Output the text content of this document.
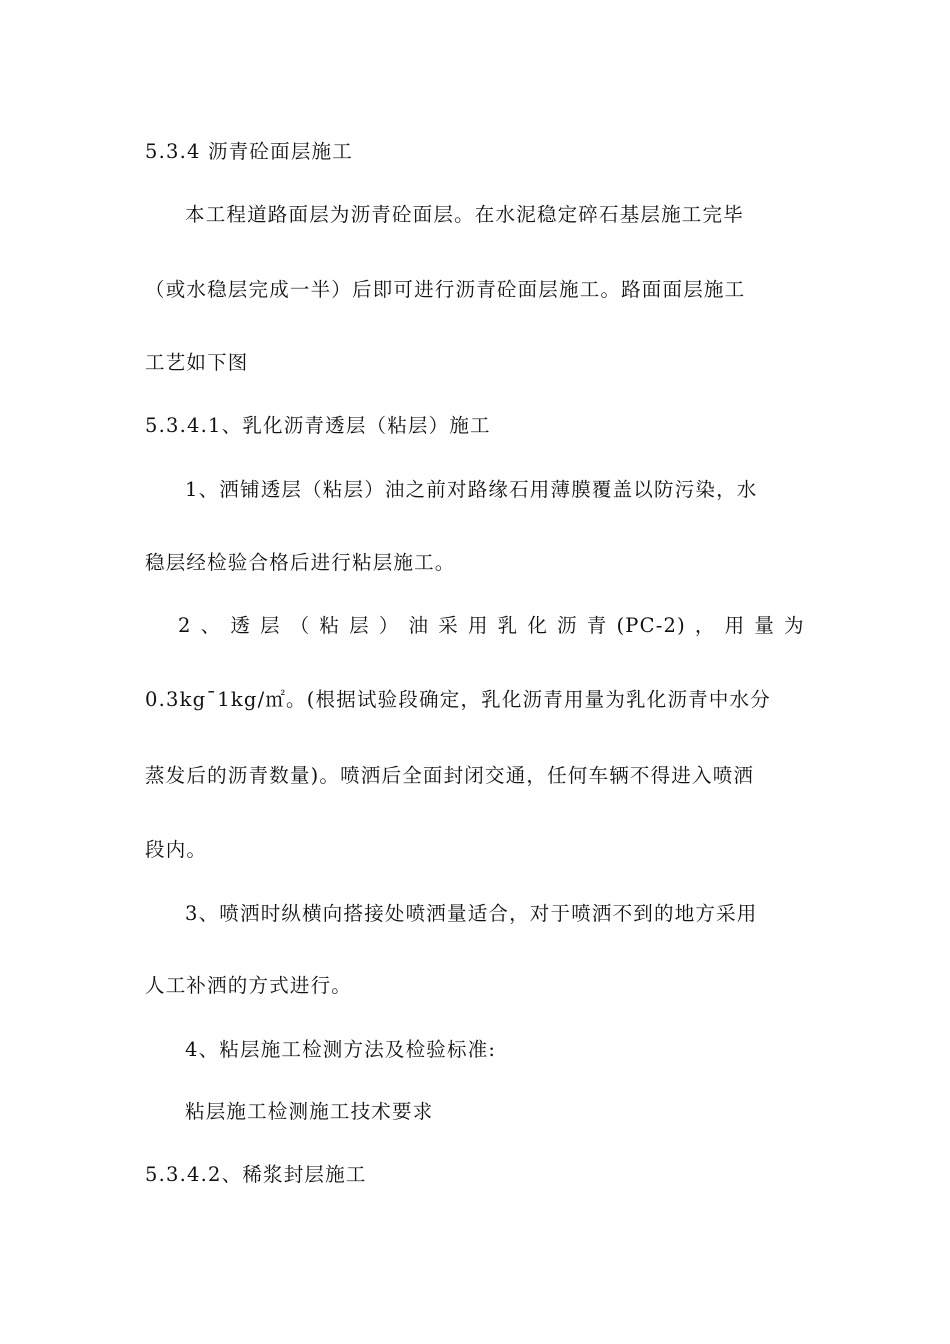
5.3.4 沥青砼面层施工
本工程道路面层为沥青砼面层。在水泥稳定碎石基层施工完毕
（或水稳层完成一半）后即可进行沥青砼面层施工。路面面层施工
工艺如下图
5.3.4.1、乳化沥青透层（粘层）施工
1、洒铺透层（粘层）油之前对路缘石用薄膜覆盖以防污染，水
稳层经检验合格后进行粘层施工。
2 、 透 层 （ 粘 层 ） 油 采 用 乳 化 沥 青 (PC-2) ， 用 量 为
0.3kg¯1kg/㎡。(根据试验段确定，乳化沥青用量为乳化沥青中水分
蒸发后的沥青数量)。喷洒后全面封闭交通，任何车辆不得进入喷洒
段内。
3、喷洒时纵横向搭接处喷洒量适合，对于喷洒不到的地方采用
人工补洒的方式进行。
4、粘层施工检测方法及检验标准:
粘层施工检测施工技术要求
5.3.4.2、稀浆封层施工
